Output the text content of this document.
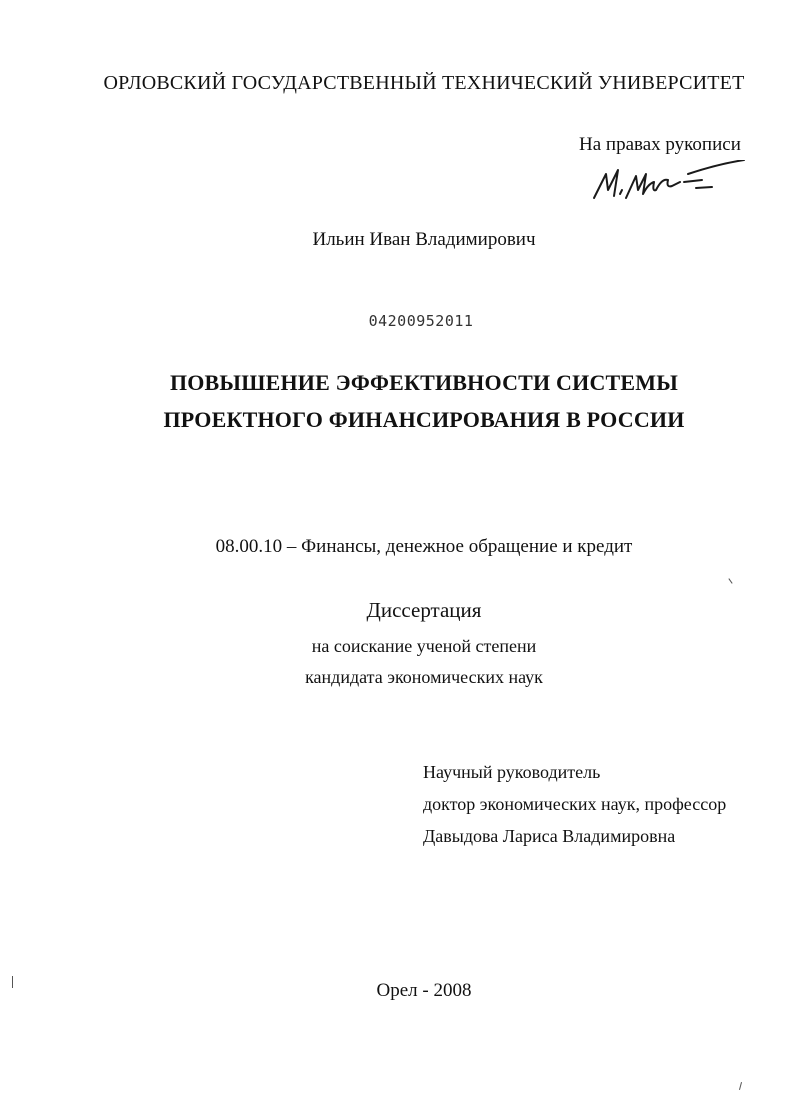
ОРЛОВСКИЙ ГОСУДАРСТВЕННЫЙ ТЕХНИЧЕСКИЙ УНИВЕРСИТЕТ
На правах рукописи
Ильин Иван Владимирович
04200952011
ПОВЫШЕНИЕ ЭФФЕКТИВНОСТИ СИСТЕМЫ
ПРОЕКТНОГО ФИНАНСИРОВАНИЯ В РОССИИ
08.00.10 – Финансы, денежное обращение и кредит
Диссертация
на соискание ученой степени
кандидата экономических наук
Научный руководитель
доктор экономических наук, профессор
Давыдова Лариса Владимировна
Орел - 2008
